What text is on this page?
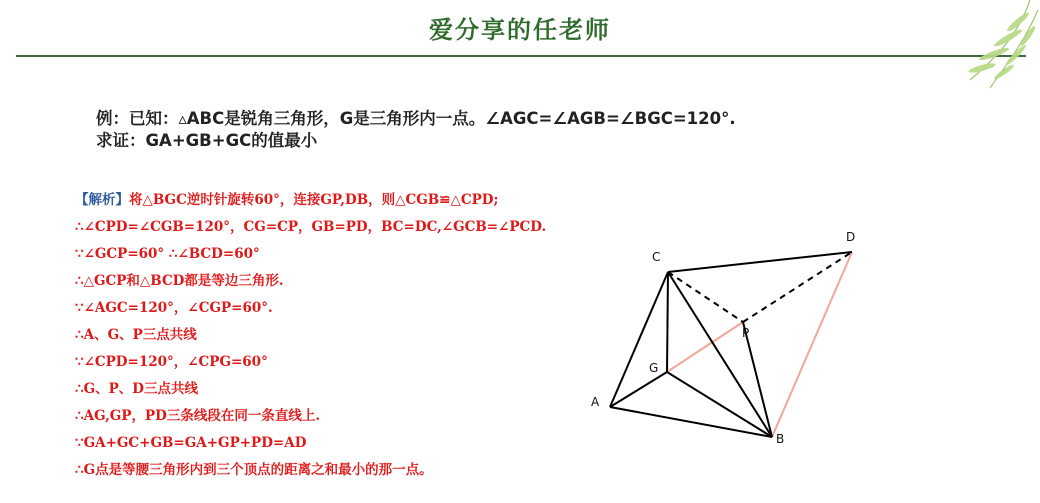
爱分享的任老师
例：已知：▵ABC是锐角三角形，G是三角形内一点。∠AGC=∠AGB=∠BGC=120°.
求证：GA+GB+GC的值最小
【解析】将△BGC逆时针旋转60°，连接GP,DB，则△CGB≌△CPD;
∴∠CPD=∠CGB=120°，CG=CP，GB=PD，BC=DC,∠GCB=∠PCD.
∵∠GCP=60° ∴∠BCD=60°
∴△GCP和△BCD都是等边三角形.
∵∠AGC=120°，∠CGP=60°.
∴A、G、P三点共线
∵∠CPD=120°，∠CPG=60°
∴G、P、D三点共线
∴AG,GP，PD三条线段在同一条直线上.
∵GA+GC+GB=GA+GP+PD=AD
∴G点是等腰三角形内到三个顶点的距离之和最小的那一点。
C
D
P
G
A
B
